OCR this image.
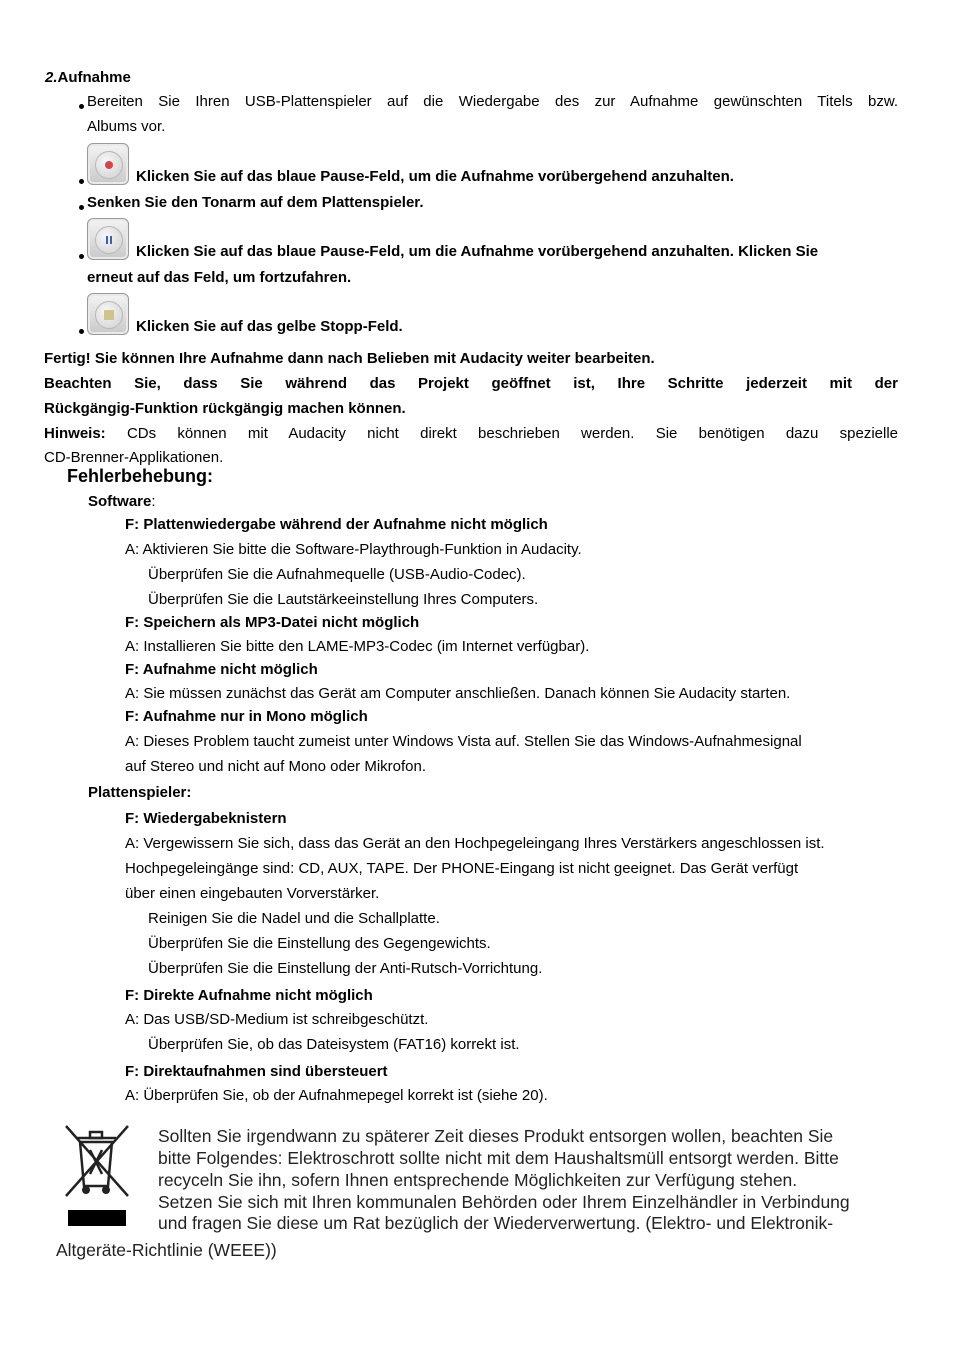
2.Aufnahme
Bereiten Sie Ihren USB-Plattenspieler auf die Wiedergabe des zur Aufnahme gewünschten Titels bzw.
Albums vor.
Klicken Sie auf das blaue Pause-Feld, um die Aufnahme vorübergehend anzuhalten.
Senken Sie den Tonarm auf dem Plattenspieler.
Klicken Sie auf das blaue Pause-Feld, um die Aufnahme vorübergehend anzuhalten. Klicken Sie
erneut auf das Feld, um fortzufahren.
Klicken Sie auf das gelbe Stopp-Feld.
Fertig! Sie können Ihre Aufnahme dann nach Belieben mit Audacity weiter bearbeiten.
Beachten Sie, dass Sie während das Projekt geöffnet ist, Ihre Schritte jederzeit mit der
Rückgängig-Funktion rückgängig machen können.
Hinweis: CDs können mit Audacity nicht direkt beschrieben werden. Sie benötigen dazu spezielle
CD-Brenner-Applikationen.
Fehlerbehebung:
Software:
F: Plattenwiedergabe während der Aufnahme nicht möglich
A: Aktivieren Sie bitte die Software-Playthrough-Funktion in Audacity.
Überprüfen Sie die Aufnahmequelle (USB-Audio-Codec).
Überprüfen Sie die Lautstärkeeinstellung Ihres Computers.
F: Speichern als MP3-Datei nicht möglich
A: Installieren Sie bitte den LAME-MP3-Codec (im Internet verfügbar).
F: Aufnahme nicht möglich
A: Sie müssen zunächst das Gerät am Computer anschließen. Danach können Sie Audacity starten.
F: Aufnahme nur in Mono möglich
A: Dieses Problem taucht zumeist unter Windows Vista auf. Stellen Sie das Windows-Aufnahmesignal
auf Stereo und nicht auf Mono oder Mikrofon.
Plattenspieler:
F: Wiedergabeknistern
A: Vergewissern Sie sich, dass das Gerät an den Hochpegeleingang Ihres Verstärkers angeschlossen ist.
Hochpegeleingänge sind: CD, AUX, TAPE. Der PHONE-Eingang ist nicht geeignet. Das Gerät verfügt
über einen eingebauten Vorverstärker.
Reinigen Sie die Nadel und die Schallplatte.
Überprüfen Sie die Einstellung des Gegengewichts.
Überprüfen Sie die Einstellung der Anti-Rutsch-Vorrichtung.
F: Direkte Aufnahme nicht möglich
A: Das USB/SD-Medium ist schreibgeschützt.
Überprüfen Sie, ob das Dateisystem (FAT16) korrekt ist.
F: Direktaufnahmen sind übersteuert
A: Überprüfen Sie, ob der Aufnahmepegel korrekt ist (siehe 20).
Sollten Sie irgendwann zu späterer Zeit dieses Produkt entsorgen wollen, beachten Sie
bitte Folgendes: Elektroschrott sollte nicht mit dem Haushaltsmüll entsorgt werden. Bitte
recyceln Sie ihn, sofern Ihnen entsprechende Möglichkeiten zur Verfügung stehen.
Setzen Sie sich mit Ihren kommunalen Behörden oder Ihrem Einzelhändler in Verbindung
und fragen Sie diese um Rat bezüglich der Wiederverwertung. (Elektro- und Elektronik-
Altgeräte-Richtlinie (WEEE))
